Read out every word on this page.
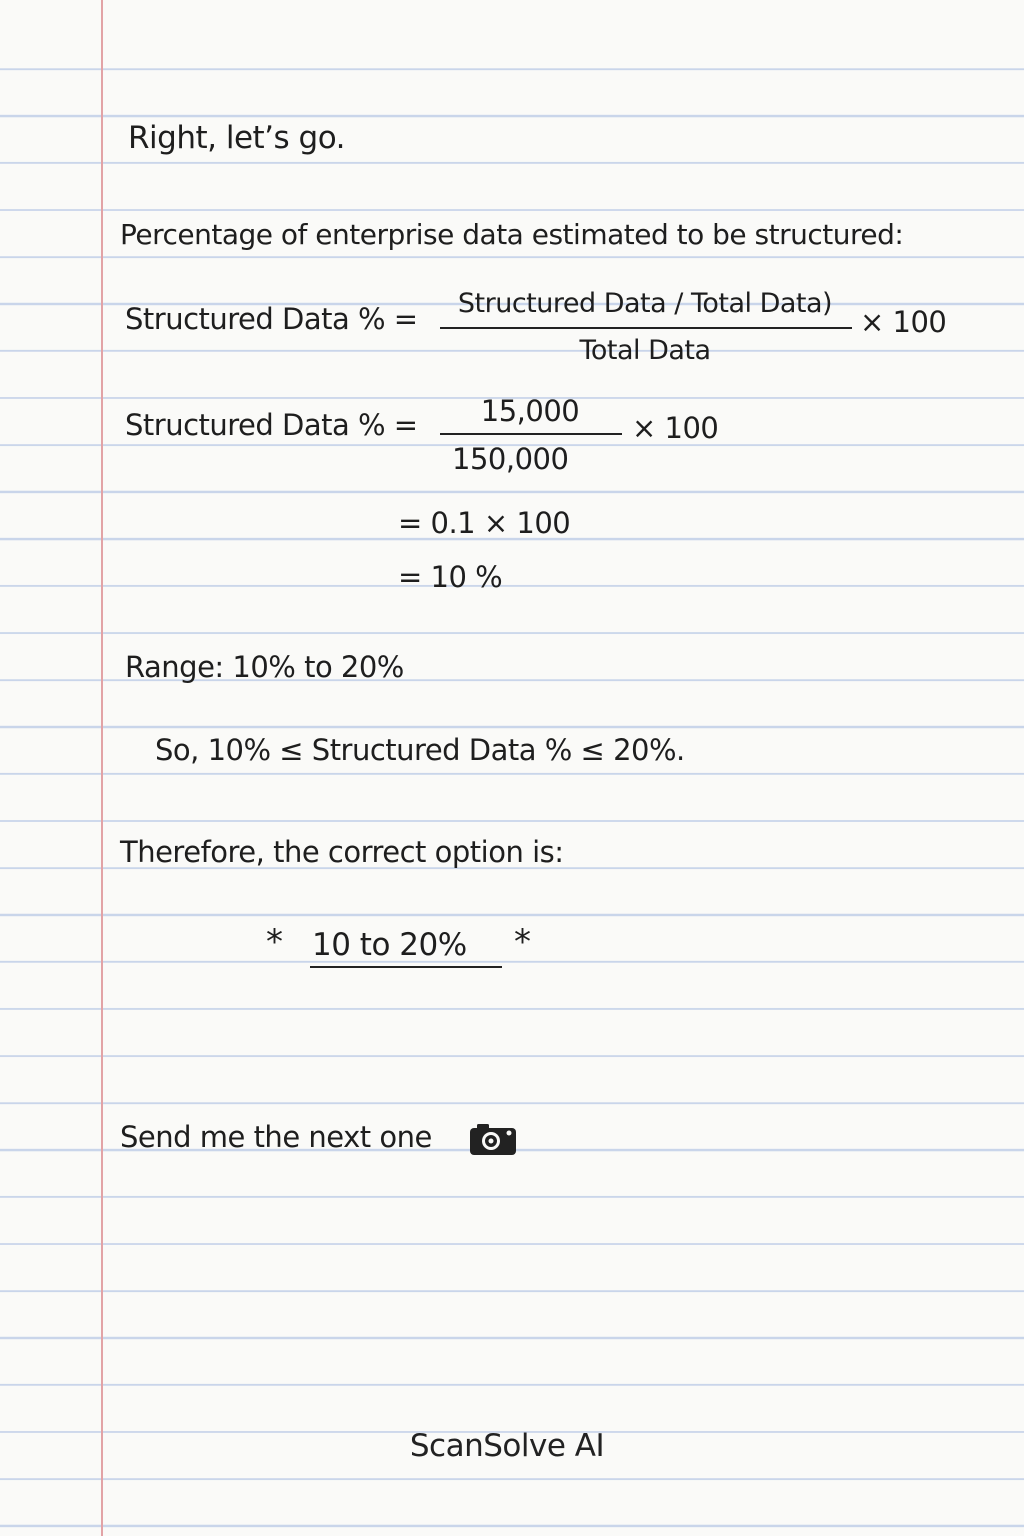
Right, let’s go.
Percentage of enterprise data estimated to be structured:
Structured Data % =	Structured Data / Total Data)
Total Data
× 100
Structured Data % =	15,000
150,000
× 100
= 0.1 × 100
= 10 %
Range: 10% to 20%
So, 10% ≤ Structured Data % ≤ 20%.
Therefore, the correct option is:
* 10 to 20% *
Send me the next one
ScanSolve AI
